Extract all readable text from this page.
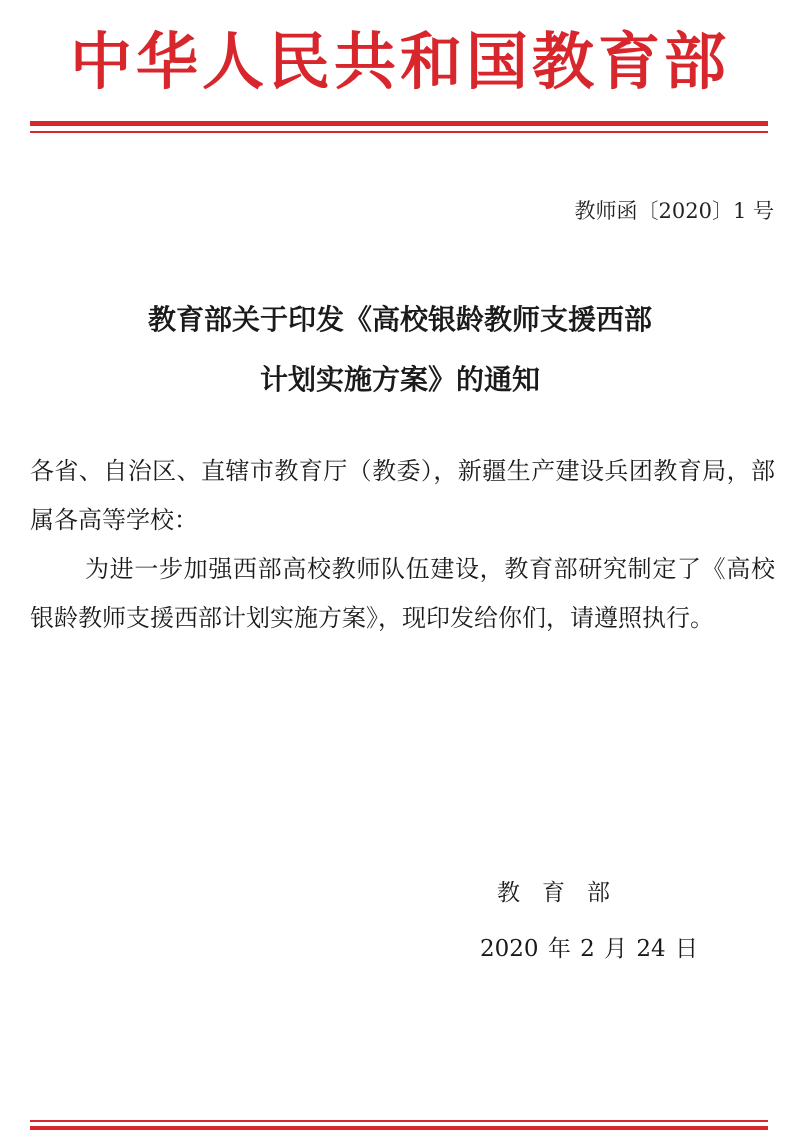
中华人民共和国教育部
教师函〔2020〕1 号
教育部关于印发《高校银龄教师支援西部
计划实施方案》的通知

各省、自治区、直辖市教育厅（教委），新疆生产建设兵团教育局，部属各高等学校：

为进一步加强西部高校教师队伍建设，教育部研究制定了《高校银龄教师支援西部计划实施方案》，现印发给你们，请遵照执行。

教育部
2020 年 2 月 24 日
